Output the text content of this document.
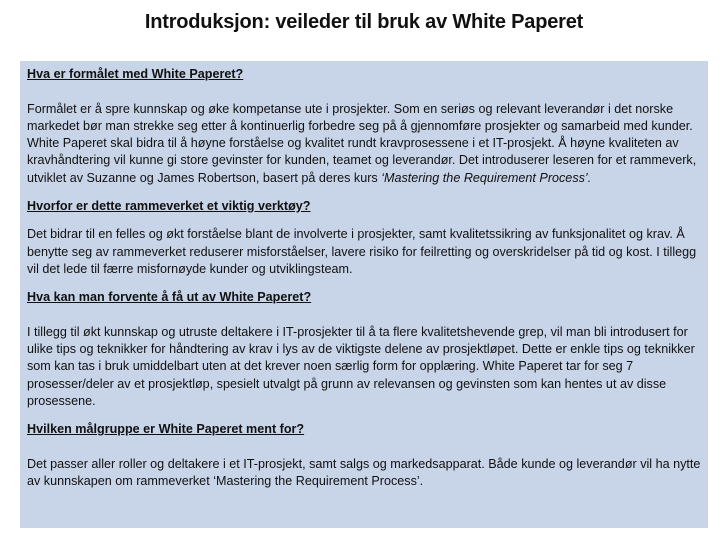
Introduksjon: veileder til bruk av White Paperet
Hva er formålet med White Paperet?

Formålet er å spre kunnskap og øke kompetanse ute i prosjekter. Som en seriøs og relevant leverandør i det norske markedet bør man strekke seg etter å kontinuerlig forbedre seg på å gjennomføre prosjekter og samarbeid med kunder. White Paperet skal bidra til å høyne forståelse og kvalitet rundt kravprosessene i et IT-prosjekt. Å høyne kvaliteten av kravhåndtering vil kunne gi store gevinster for kunden, teamet og leverandør. Det introduserer leseren for et rammeverk, utviklet av Suzanne og James Robertson, basert på deres kurs ‘Mastering the Requirement Process’.

Hvorfor er dette rammeverket et viktig verktøy?

Det bidrar til en felles og økt forståelse blant de involverte i prosjekter, samt kvalitetssikring av funksjonalitet og krav. Å benytte seg av rammeverket reduserer misforståelser, lavere risiko for feilretting og overskridelser på tid og kost. I tillegg vil det lede til færre misfornøyde kunder og utviklingsteam.

Hva kan man forvente å få ut av White Paperet?

I tillegg til økt kunnskap og utruste deltakere i IT-prosjekter til å ta flere kvalitetshevende grep, vil man bli introdusert for ulike tips og teknikker for håndtering av krav i lys av de viktigste delene av prosjektløpet. Dette er enkle tips og teknikker som kan tas i bruk umiddelbart uten at det krever noen særlig form for opplæring. White Paperet tar for seg 7 prosesser/deler av et prosjektløp, spesielt utvalgt på grunn av relevansen og gevinsten som kan hentes ut av disse prosessene.

Hvilken målgruppe er White Paperet ment for?

Det passer aller roller og deltakere i et IT-prosjekt, samt salgs og markedsapparat. Både kunde og leverandør vil ha nytte av kunnskapen om rammeverket ‘Mastering the Requirement Process’.
